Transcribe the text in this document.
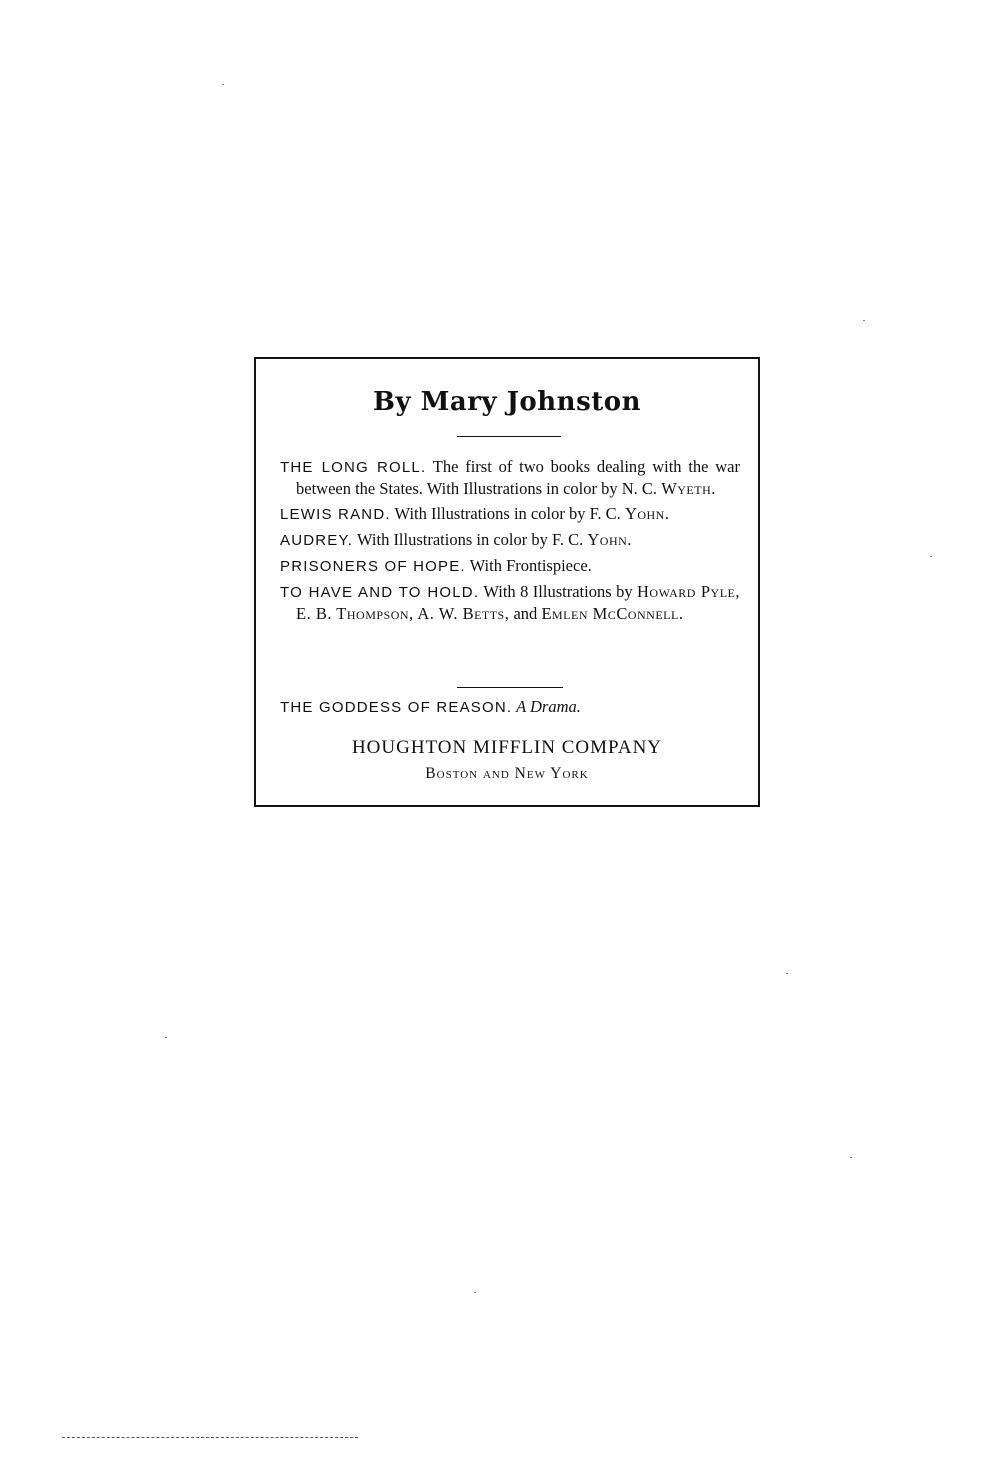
By Mary Johnston

THE LONG ROLL. The first of two books dealing with the war between the States. With Illustrations in color by N. C. Wyeth.

LEWIS RAND. With Illustrations in color by F. C. Yohn.

AUDREY. With Illustrations in color by F. C. Yohn.

PRISONERS OF HOPE. With Frontispiece.

TO HAVE AND TO HOLD. With 8 Illustrations by Howard Pyle, E. B. Thompson, A. W. Betts, and Emlen McConnell.

THE GODDESS OF REASON. A Drama.

HOUGHTON MIFFLIN COMPANY
Boston and New York
